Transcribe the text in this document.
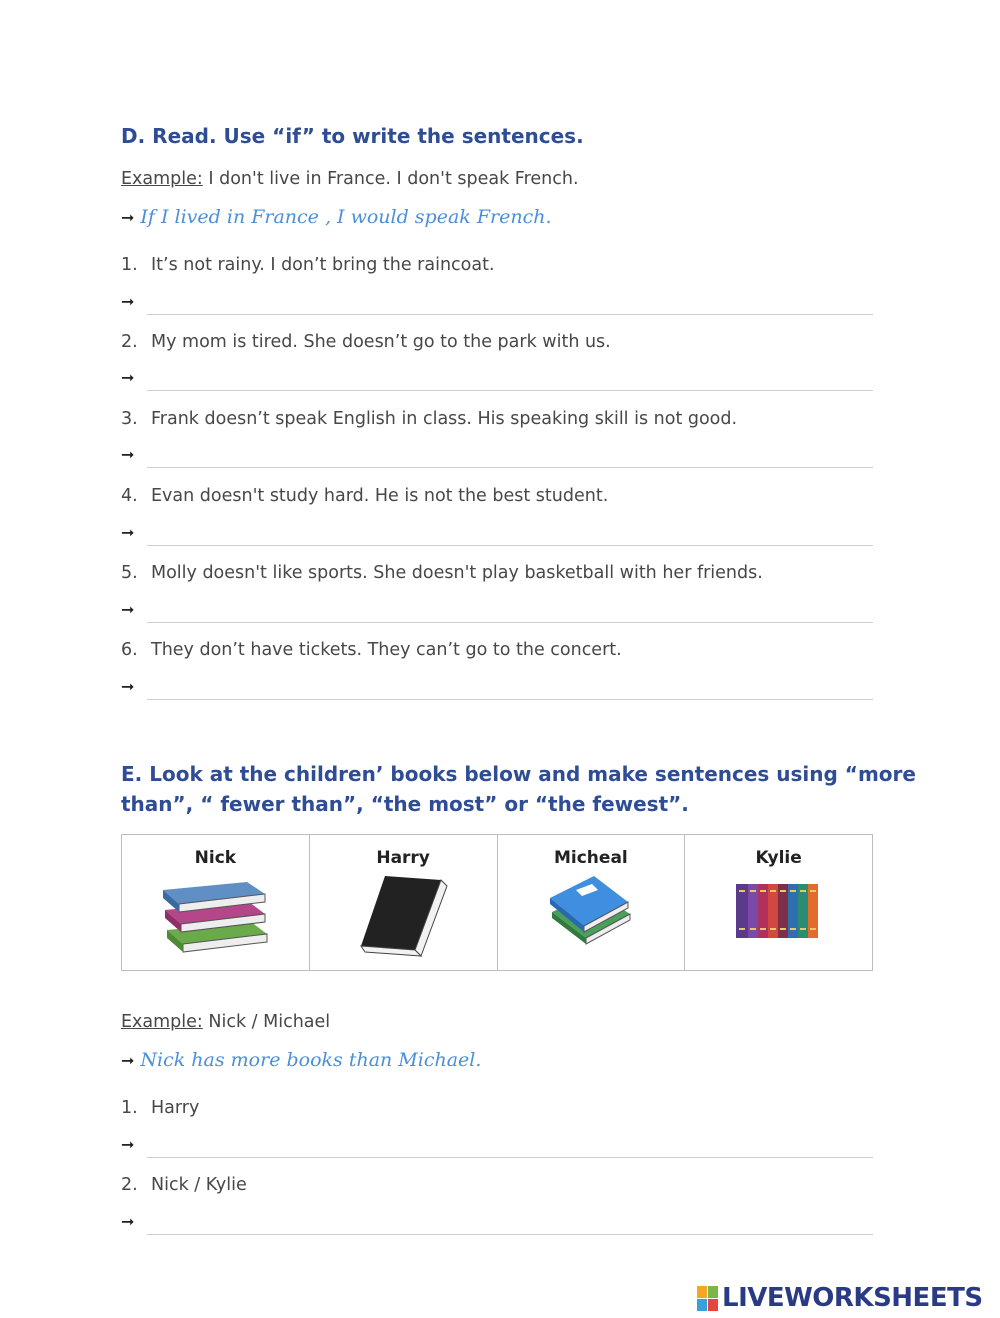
D. Read. Use “if” to write the sentences.
Example: I don't live in France. I don't speak French.
➞ If I lived in France , I would speak French.
1. It’s not rainy. I don’t bring the raincoat.
➞
2. My mom is tired. She doesn’t go to the park with us.
➞
3. Frank doesn’t speak English in class. His speaking skill is not good.
➞
4. Evan doesn't study hard. He is not the best student.
➞
5. Molly doesn't like sports. She doesn't play basketball with her friends.
➞
6. They don’t have tickets. They can’t go to the concert.
➞
E. Look at the children’ books below and make sentences using “more
than”, “ fewer than”, “the most” or “the fewest”.
Nick	Harry	Micheal	Kylie
Example: Nick / Michael
➞ Nick has more books than Michael.
1. Harry
➞
2. Nick / Kylie
➞
LIVEWORKSHEETS
